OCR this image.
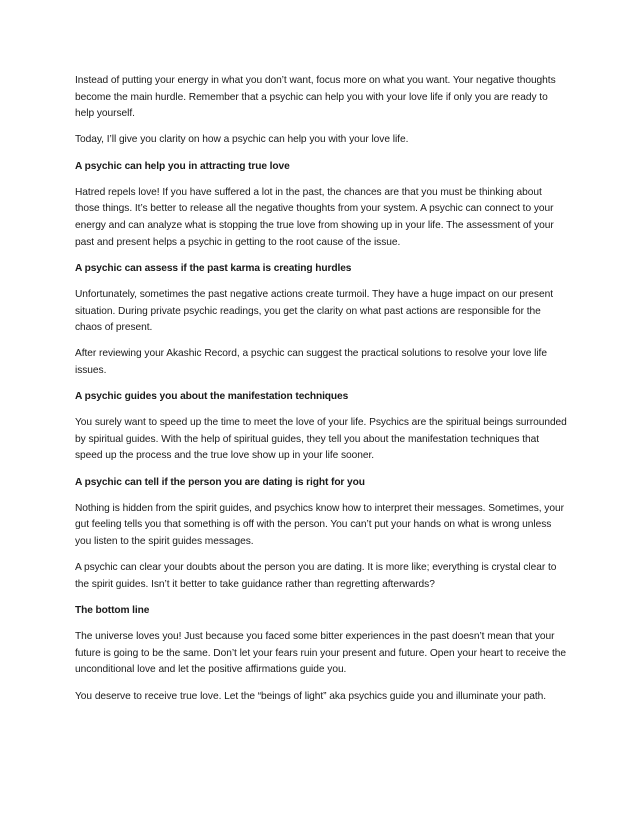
Instead of putting your energy in what you don’t want, focus more on what you want. Your negative thoughts become the main hurdle. Remember that a psychic can help you with your love life if only you are ready to help yourself.

Today, I’ll give you clarity on how a psychic can help you with your love life.

A psychic can help you in attracting true love

Hatred repels love! If you have suffered a lot in the past, the chances are that you must be thinking about those things. It’s better to release all the negative thoughts from your system. A psychic can connect to your energy and can analyze what is stopping the true love from showing up in your life. The assessment of your past and present helps a psychic in getting to the root cause of the issue.

A psychic can assess if the past karma is creating hurdles

Unfortunately, sometimes the past negative actions create turmoil. They have a huge impact on our present situation. During private psychic readings, you get the clarity on what past actions are responsible for the chaos of present.

After reviewing your Akashic Record, a psychic can suggest the practical solutions to resolve your love life issues.

A psychic guides you about the manifestation techniques

You surely want to speed up the time to meet the love of your life. Psychics are the spiritual beings surrounded by spiritual guides. With the help of spiritual guides, they tell you about the manifestation techniques that speed up the process and the true love show up in your life sooner.

A psychic can tell if the person you are dating is right for you

Nothing is hidden from the spirit guides, and psychics know how to interpret their messages. Sometimes, your gut feeling tells you that something is off with the person. You can’t put your hands on what is wrong unless you listen to the spirit guides messages.

A psychic can clear your doubts about the person you are dating. It is more like; everything is crystal clear to the spirit guides. Isn’t it better to take guidance rather than regretting afterwards?

The bottom line

The universe loves you! Just because you faced some bitter experiences in the past doesn’t mean that your future is going to be the same. Don’t let your fears ruin your present and future. Open your heart to receive the unconditional love and let the positive affirmations guide you.

You deserve to receive true love. Let the “beings of light” aka psychics guide you and illuminate your path.
